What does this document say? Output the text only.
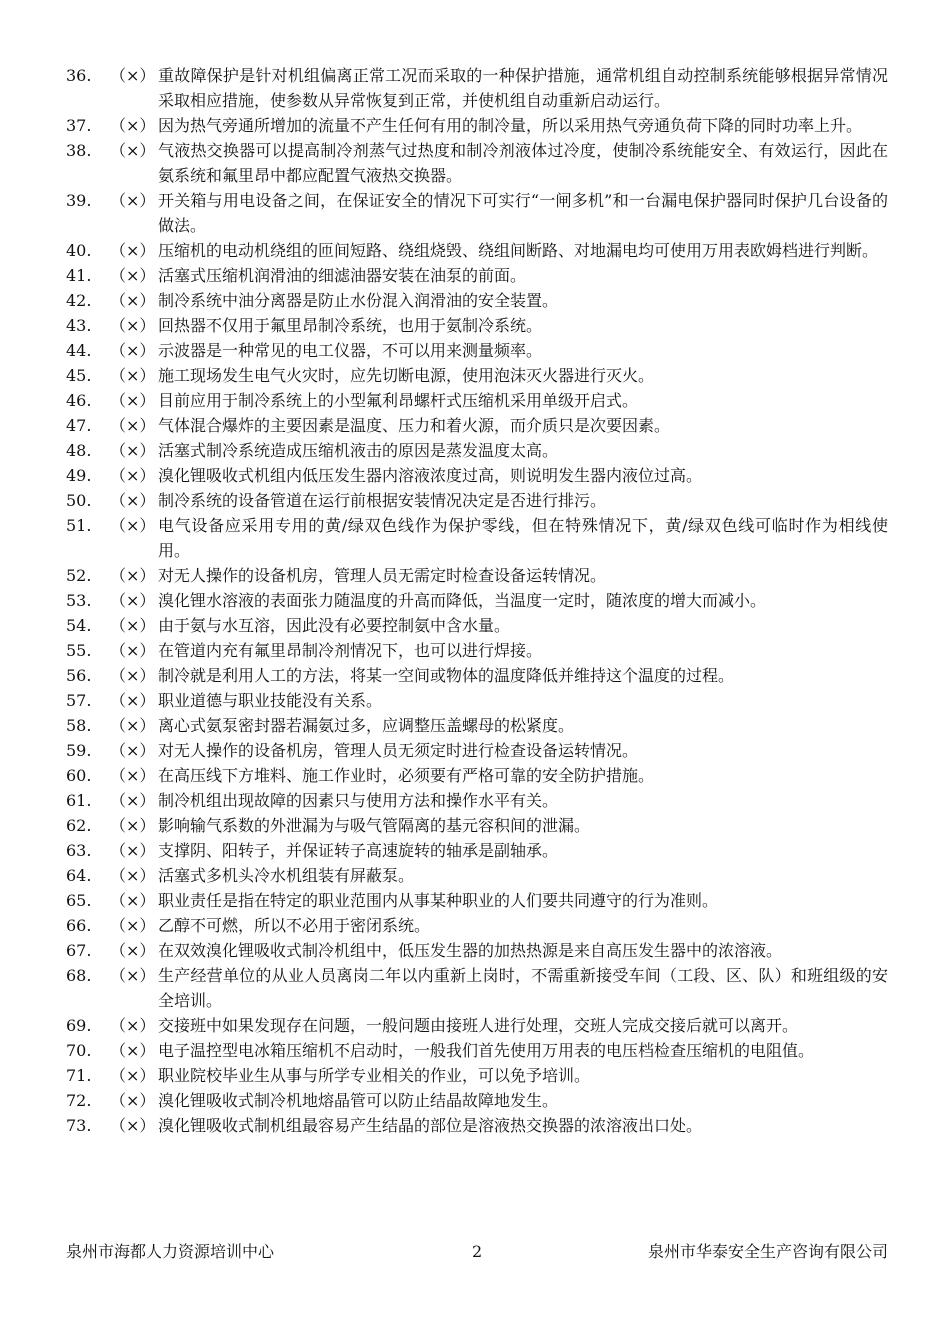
36.	（×） 重故障保护是针对机组偏离正常工况而采取的一种保护措施，通常机组自动控制系统能够根据异常情况采取相应措施，使参数从异常恢复到正常，并使机组自动重新启动运行。
37.	（×） 因为热气旁通所增加的流量不产生任何有用的制冷量，所以采用热气旁通负荷下降的同时功率上升。
38.	（×） 气液热交换器可以提高制冷剂蒸气过热度和制冷剂液体过冷度，使制冷系统能安全、有效运行，因此在氨系统和氟里昂中都应配置气液热交换器。
39.	（×） 开关箱与用电设备之间，在保证安全的情况下可实行“一闸多机”和一台漏电保护器同时保护几台设备的做法。
40.	（×） 压缩机的电动机绕组的匝间短路、绕组烧毁、绕组间断路、对地漏电均可使用万用表欧姆档进行判断。
41.	（×） 活塞式压缩机润滑油的细滤油器安装在油泵的前面。
42.	（×） 制冷系统中油分离器是防止水份混入润滑油的安全装置。
43.	（×） 回热器不仅用于氟里昂制冷系统，也用于氨制冷系统。
44.	（×） 示波器是一种常见的电工仪器，不可以用来测量频率。
45.	（×） 施工现场发生电气火灾时，应先切断电源，使用泡沫灭火器进行灭火。
46.	（×） 目前应用于制冷系统上的小型氟利昂螺杆式压缩机采用单级开启式。
47.	（×） 气体混合爆炸的主要因素是温度、压力和着火源，而介质只是次要因素。
48.	（×） 活塞式制冷系统造成压缩机液击的原因是蒸发温度太高。
49.	（×） 溴化锂吸收式机组内低压发生器内溶液浓度过高，则说明发生器内液位过高。
50.	（×） 制冷系统的设备管道在运行前根据安装情况决定是否进行排污。
51.	（×） 电气设备应采用专用的黄/绿双色线作为保护零线，但在特殊情况下，黄/绿双色线可临时作为相线使用。
52.	（×） 对无人操作的设备机房，管理人员无需定时检查设备运转情况。
53.	（×） 溴化锂水溶液的表面张力随温度的升高而降低，当温度一定时，随浓度的增大而减小。
54.	（×） 由于氨与水互溶，因此没有必要控制氨中含水量。
55.	（×） 在管道内充有氟里昂制冷剂情况下，也可以进行焊接。
56.	（×） 制冷就是利用人工的方法，将某一空间或物体的温度降低并维持这个温度的过程。
57.	（×） 职业道德与职业技能没有关系。
58.	（×） 离心式氨泵密封器若漏氨过多，应调整压盖螺母的松紧度。
59.	（×） 对无人操作的设备机房，管理人员无须定时进行检查设备运转情况。
60.	（×） 在高压线下方堆料、施工作业时，必须要有严格可靠的安全防护措施。
61.	（×） 制冷机组出现故障的因素只与使用方法和操作水平有关。
62.	（×） 影响输气系数的外泄漏为与吸气管隔离的基元容积间的泄漏。
63.	（×） 支撑阴、阳转子，并保证转子高速旋转的轴承是副轴承。
64.	（×） 活塞式多机头冷水机组装有屏蔽泵。
65.	（×） 职业责任是指在特定的职业范围内从事某种职业的人们要共同遵守的行为准则。
66.	（×） 乙醇不可燃，所以不必用于密闭系统。
67.	（×） 在双效溴化锂吸收式制冷机组中，低压发生器的加热热源是来自高压发生器中的浓溶液。
68.	（×） 生产经营单位的从业人员离岗二年以内重新上岗时，不需重新接受车间（工段、区、队）和班组级的安全培训。
69.	（×） 交接班中如果发现存在问题，一般问题由接班人进行处理，交班人完成交接后就可以离开。
70.	（×） 电子温控型电冰箱压缩机不启动时，一般我们首先使用万用表的电压档检查压缩机的电阻值。
71.	（×） 职业院校毕业生从事与所学专业相关的作业，可以免予培训。
72.	（×） 溴化锂吸收式制冷机地熔晶管可以防止结晶故障地发生。
73.	（×） 溴化锂吸收式制机组最容易产生结晶的部位是溶液热交换器的浓溶液出口处。
泉州市海都人力资源培训中心	2	泉州市华泰安全生产咨询有限公司
